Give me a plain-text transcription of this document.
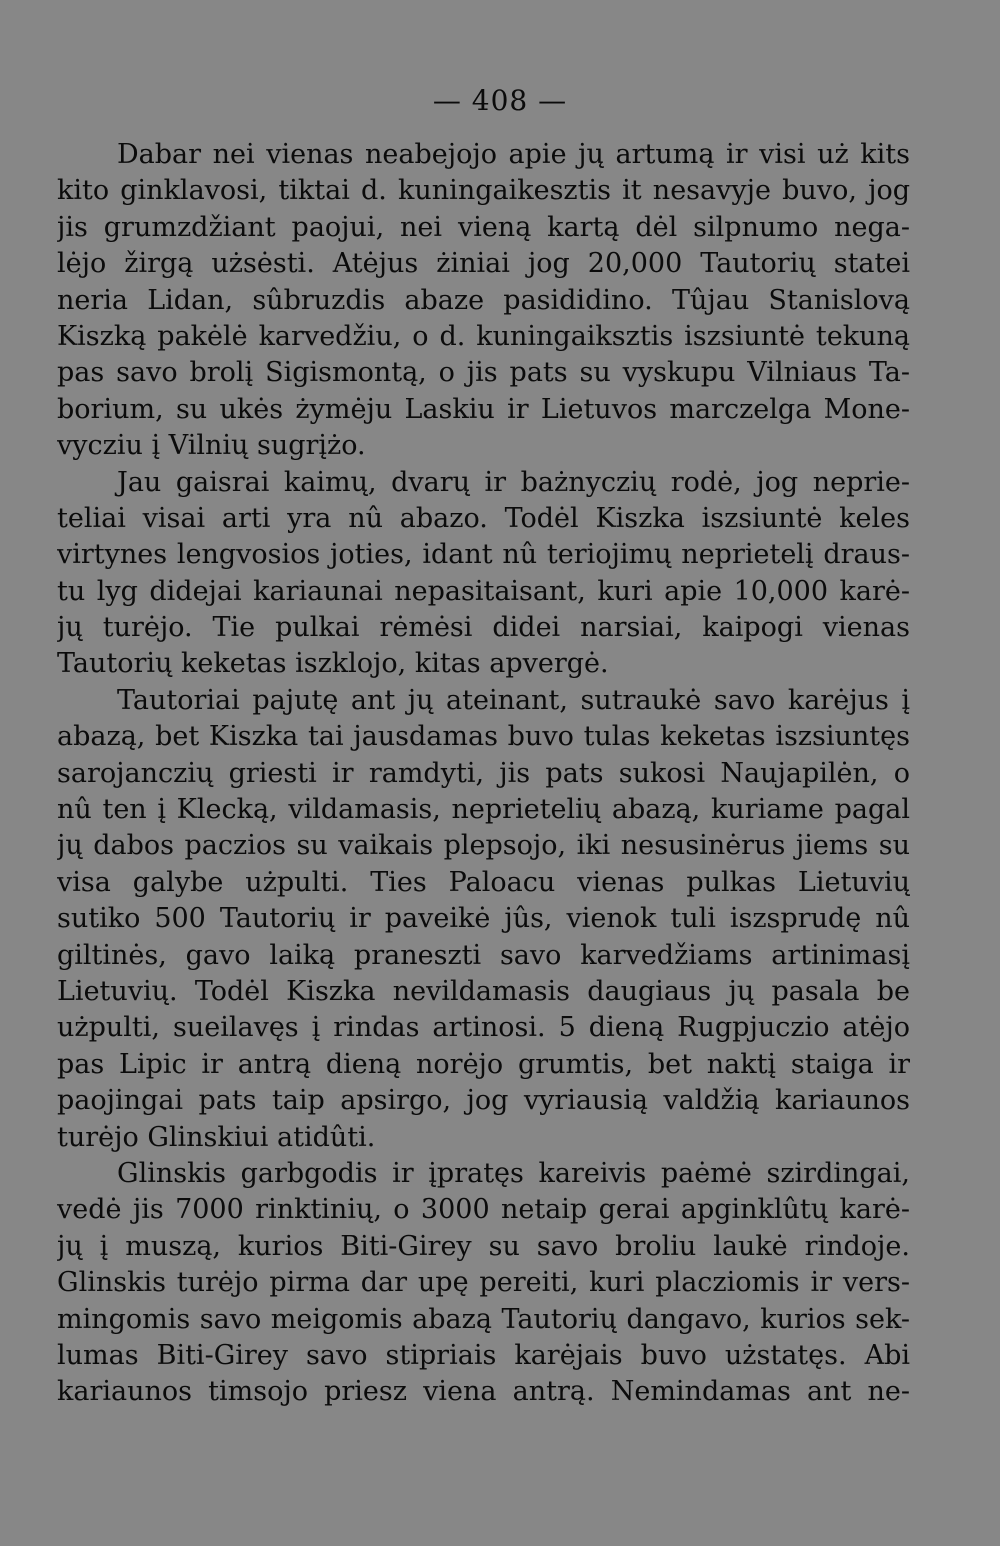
— 408 —
Dabar nei vienas neabejojo apie jų artumą ir visi uż kits
kito ginklavosi, tiktai d. kuningaikesztis it nesavyje buvo, jog
jis grumzdžiant paojui, nei vieną kartą dėl silpnumo nega-
lėjo žirgą użsėsti. Atėjus żiniai jog 20,000 Tautorių statei
neria Lidan, sûbruzdis abaze pasididino. Tûjau Stanislovą
Kiszką pakėlė karvedžiu, o d. kuningaiksztis iszsiuntė tekuną
pas savo brolį Sigismontą, o jis pats su vyskupu Vilniaus Ta-
borium, su ukės żymėju Laskiu ir Lietuvos marczelga Mone-
vycziu į Vilnių sugrįżo.
Jau gaisrai kaimų, dvarų ir bażnyczių rodė, jog neprie-
teliai visai arti yra nû abazo. Todėl Kiszka iszsiuntė keles
virtynes lengvosios joties, idant nû teriojimų neprietelį draus-
tu lyg didejai kariaunai nepasitaisant, kuri apie 10,000 karė-
jų turėjo. Tie pulkai rėmėsi didei narsiai, kaipogi vienas
Tautorių keketas iszklojo, kitas apvergė.
Tautoriai pajutę ant jų ateinant, sutraukė savo karėjus į
abazą, bet Kiszka tai jausdamas buvo tulas keketas iszsiuntęs
sarojanczių griesti ir ramdyti, jis pats sukosi Naujapilėn, o
nû ten į Klecką, vildamasis, neprietelių abazą, kuriame pagal
jų dabos paczios su vaikais plepsojo, iki nesusinėrus jiems su
visa galybe użpulti. Ties Paloacu vienas pulkas Lietuvių
sutiko 500 Tautorių ir paveikė jûs, vienok tuli iszsprudę nû
giltinės, gavo laiką praneszti savo karvedžiams artinimasį
Lietuvių. Todėl Kiszka nevildamasis daugiaus jų pasala be
użpulti, sueilavęs į rindas artinosi. 5 dieną Rugpjuczio atėjo
pas Lipic ir antrą dieną norėjo grumtis, bet naktį staiga ir
paojingai pats taip apsirgo, jog vyriausią valdžią kariaunos
turėjo Glinskiui atidûti.
Glinskis garbgodis ir įpratęs kareivis paėmė szirdingai,
vedė jis 7000 rinktinių, o 3000 netaip gerai apginklûtų karė-
jų į muszą, kurios Biti-Girey su savo broliu laukė rindoje.
Glinskis turėjo pirma dar upę pereiti, kuri placziomis ir vers-
mingomis savo meigomis abazą Tautorių dangavo, kurios sek-
lumas Biti-Girey savo stipriais karėjais buvo użstatęs. Abi
kariaunos timsojo priesz viena antrą. Nemindamas ant ne-
